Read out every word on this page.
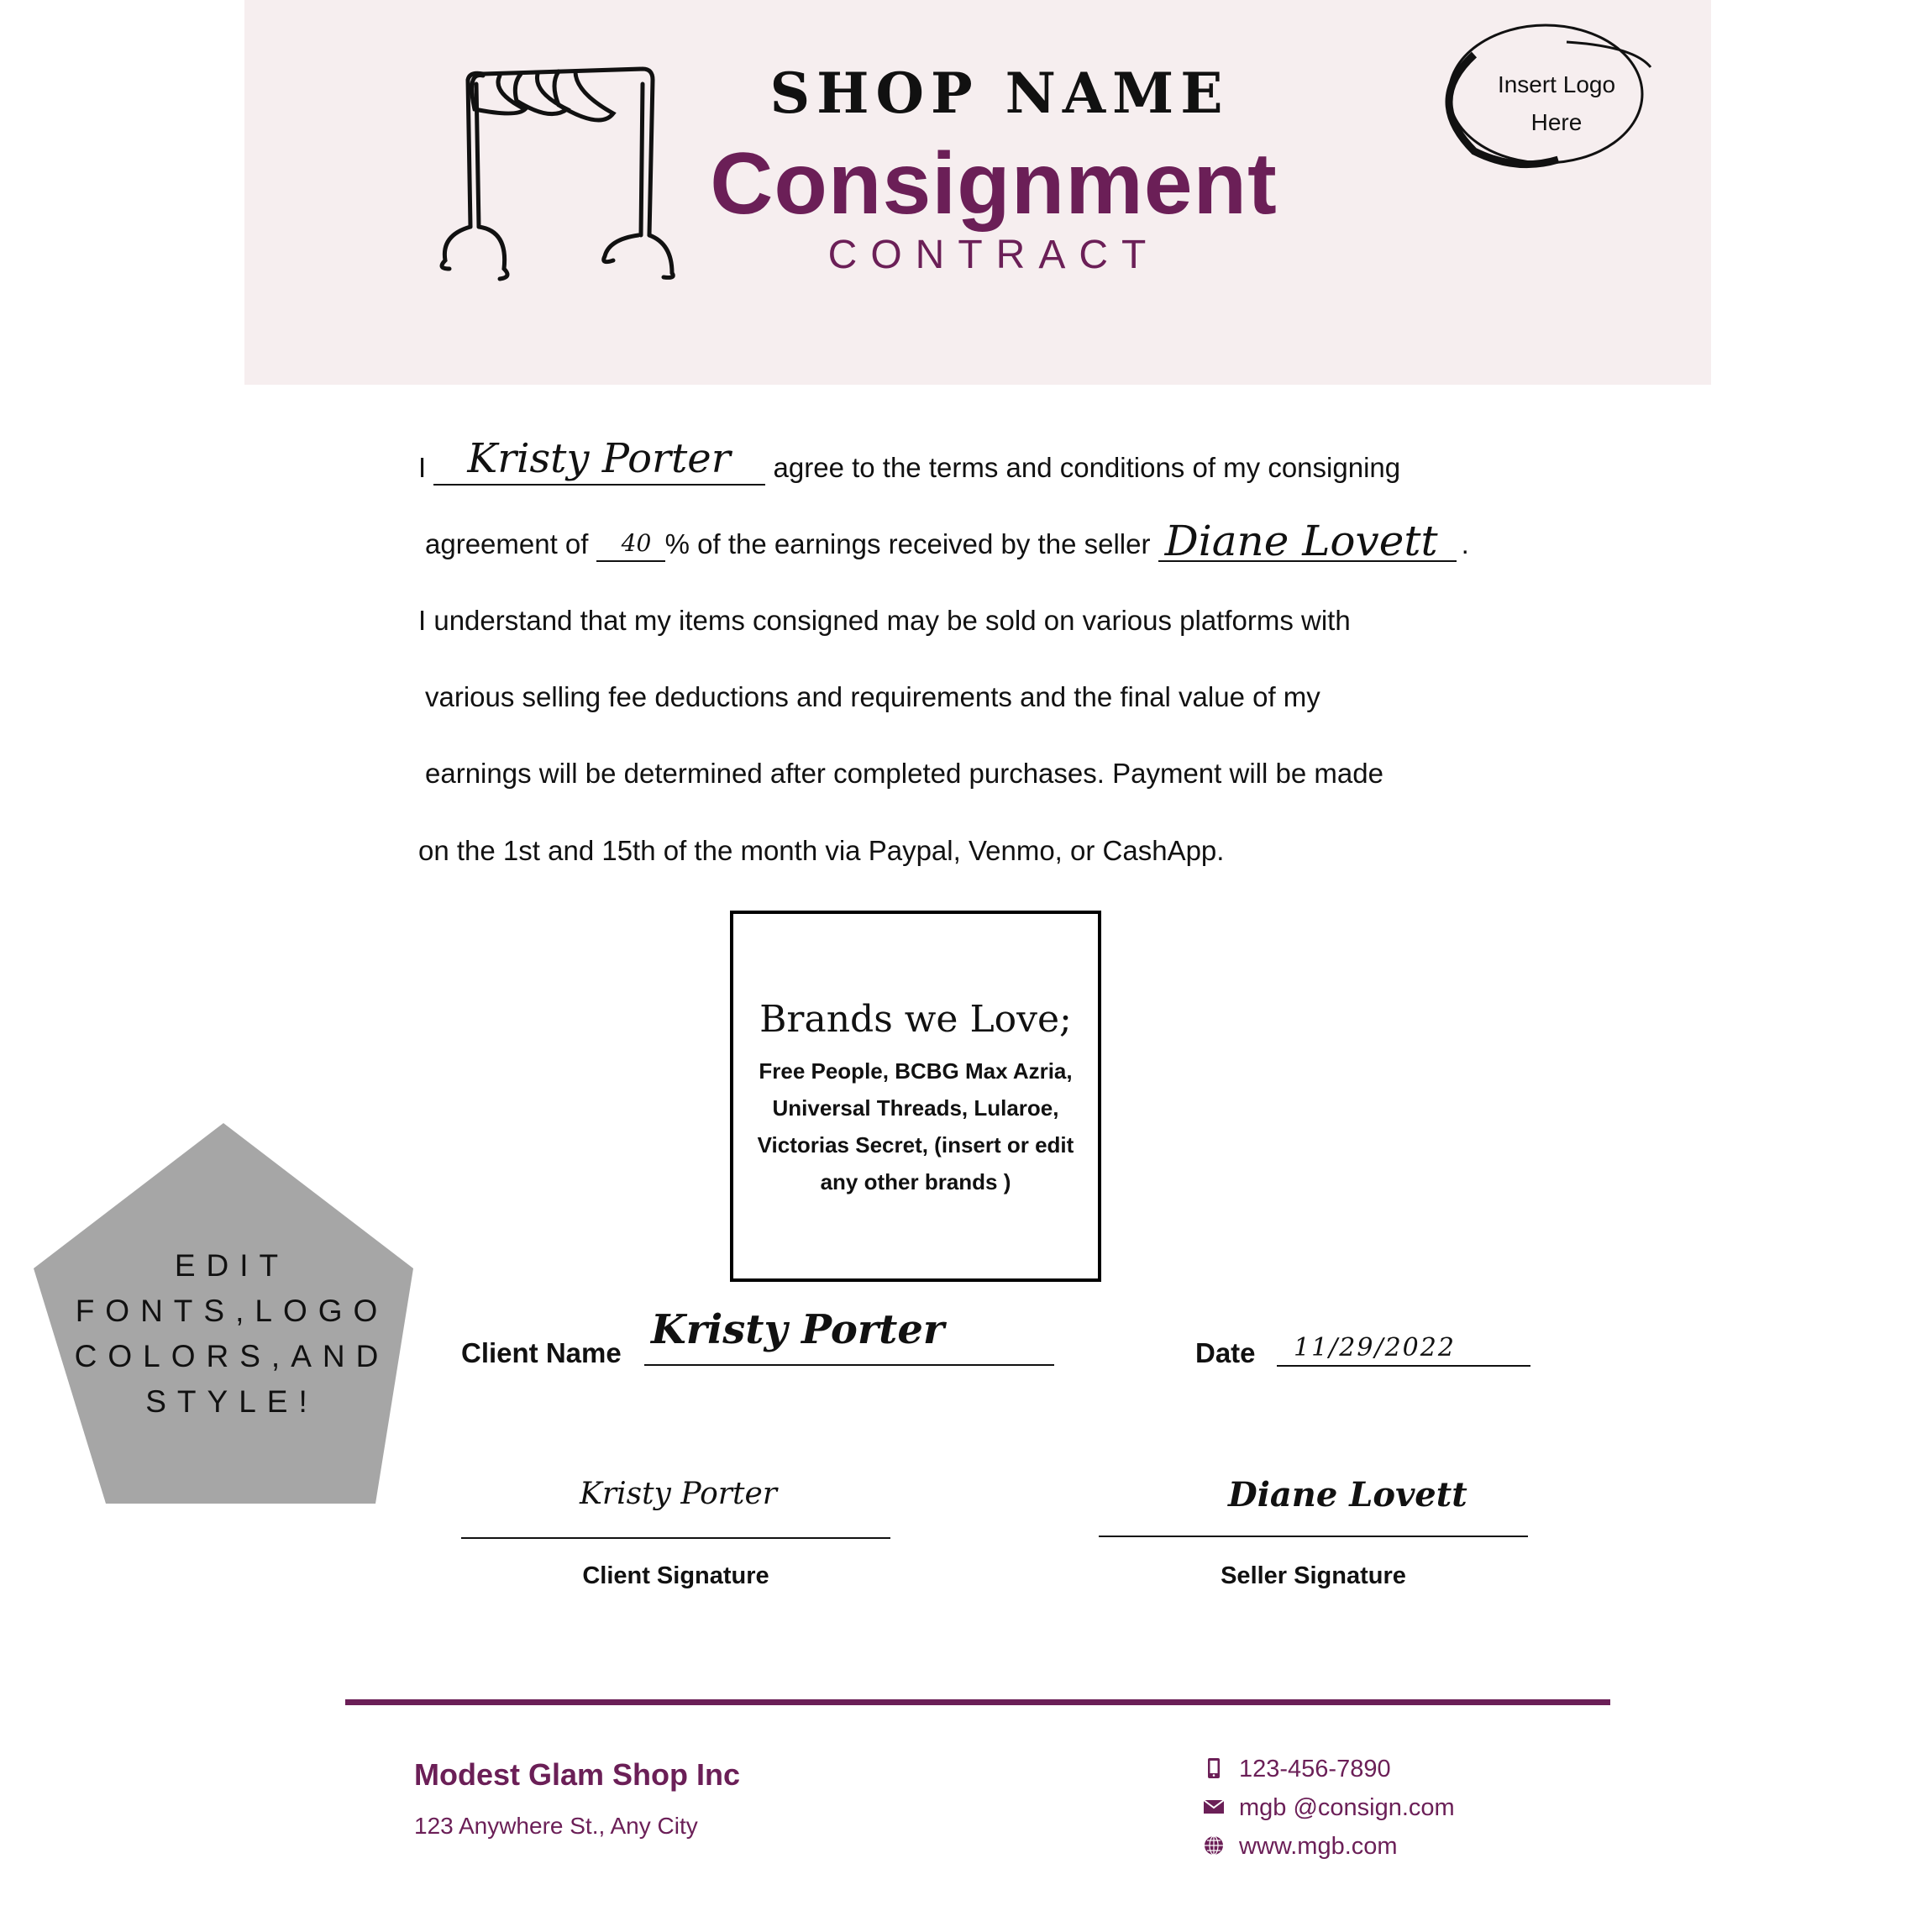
SHOP NAME
Consignment
CONTRACT
Insert Logo
Here
I Kristy Porter agree to the terms and conditions of my consigning
agreement of 40 % of the earnings received by the seller Diane Lovett .
I understand that my items consigned may be sold on various platforms with
various selling fee deductions and requirements and the final value of my
earnings will be determined after completed purchases. Payment will be made
on the 1st and 15th of the month via Paypal, Venmo, or CashApp.
Brands we Love;
Free People, BCBG Max Azria,
Universal Threads, Lularoe,
Victorias Secret, (insert or edit
any other brands )
EDIT
FONTS,LOGO
COLORS,AND
STYLE!
Client Name Kristy Porter	Date 11/29/2022
Kristy Porter
Client Signature
Diane Lovett
Seller Signature
Modest Glam Shop Inc
123 Anywhere St., Any City
123-456-7890
mgb @consign.com
www.mgb.com
